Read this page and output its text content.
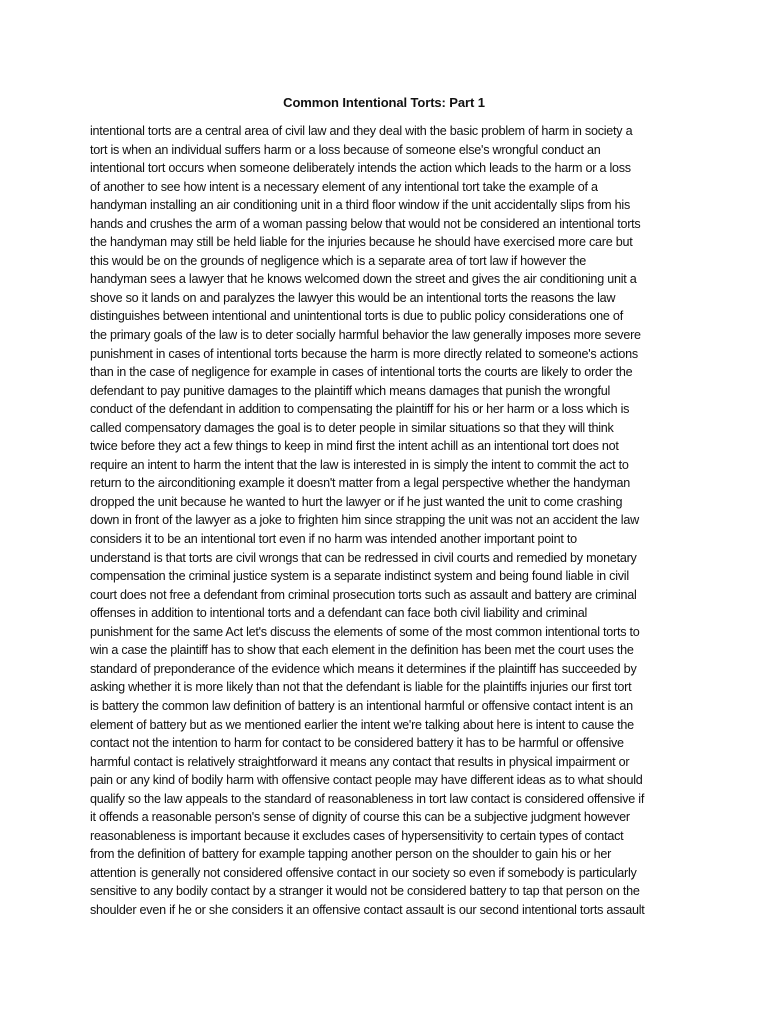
Common Intentional Torts: Part 1
intentional torts are a central area of civil law and they deal with the basic problem of harm in society a
tort is when an individual suffers harm or a loss because of someone else's wrongful conduct an
intentional tort occurs when someone deliberately intends the action which leads to the harm or a loss
of another to see how intent is a necessary element of any intentional tort take the example of a
handyman installing an air conditioning unit in a third floor window if the unit accidentally slips from his
hands and crushes the arm of a woman passing below that would not be considered an intentional torts
the handyman may still be held liable for the injuries because he should have exercised more care but
this would be on the grounds of negligence which is a separate area of tort law if however the
handyman sees a lawyer that he knows welcomed down the street and gives the air conditioning unit a
shove so it lands on and paralyzes the lawyer this would be an intentional torts the reasons the law
distinguishes between intentional and unintentional torts is due to public policy considerations one of
the primary goals of the law is to deter socially harmful behavior the law generally imposes more severe
punishment in cases of intentional torts because the harm is more directly related to someone's actions
than in the case of negligence for example in cases of intentional torts the courts are likely to order the
defendant to pay punitive damages to the plaintiff which means damages that punish the wrongful
conduct of the defendant in addition to compensating the plaintiff for his or her harm or a loss which is
called compensatory damages the goal is to deter people in similar situations so that they will think
twice before they act a few things to keep in mind first the intent achill as an intentional tort does not
require an intent to harm the intent that the law is interested in is simply the intent to commit the act to
return to the airconditioning example it doesn't matter from a legal perspective whether the handyman
dropped the unit because he wanted to hurt the lawyer or if he just wanted the unit to come crashing
down in front of the lawyer as a joke to frighten him since strapping the unit was not an accident the law
considers it to be an intentional tort even if no harm was intended another important point to
understand is that torts are civil wrongs that can be redressed in civil courts and remedied by monetary
compensation the criminal justice system is a separate indistinct system and being found liable in civil
court does not free a defendant from criminal prosecution torts such as assault and battery are criminal
offenses in addition to intentional torts and a defendant can face both civil liability and criminal
punishment for the same Act let's discuss the elements of some of the most common intentional torts to
win a case the plaintiff has to show that each element in the definition has been met the court uses the
standard of preponderance of the evidence which means it determines if the plaintiff has succeeded by
asking whether it is more likely than not that the defendant is liable for the plaintiffs injuries our first tort
is battery the common law definition of battery is an intentional harmful or offensive contact intent is an
element of battery but as we mentioned earlier the intent we're talking about here is intent to cause the
contact not the intention to harm for contact to be considered battery it has to be harmful or offensive
harmful contact is relatively straightforward it means any contact that results in physical impairment or
pain or any kind of bodily harm with offensive contact people may have different ideas as to what should
qualify so the law appeals to the standard of reasonableness in tort law contact is considered offensive if
it offends a reasonable person's sense of dignity of course this can be a subjective judgment however
reasonableness is important because it excludes cases of hypersensitivity to certain types of contact
from the definition of battery for example tapping another person on the shoulder to gain his or her
attention is generally not considered offensive contact in our society so even if somebody is particularly
sensitive to any bodily contact by a stranger it would not be considered battery to tap that person on the
shoulder even if he or she considers it an offensive contact assault is our second intentional torts assault
